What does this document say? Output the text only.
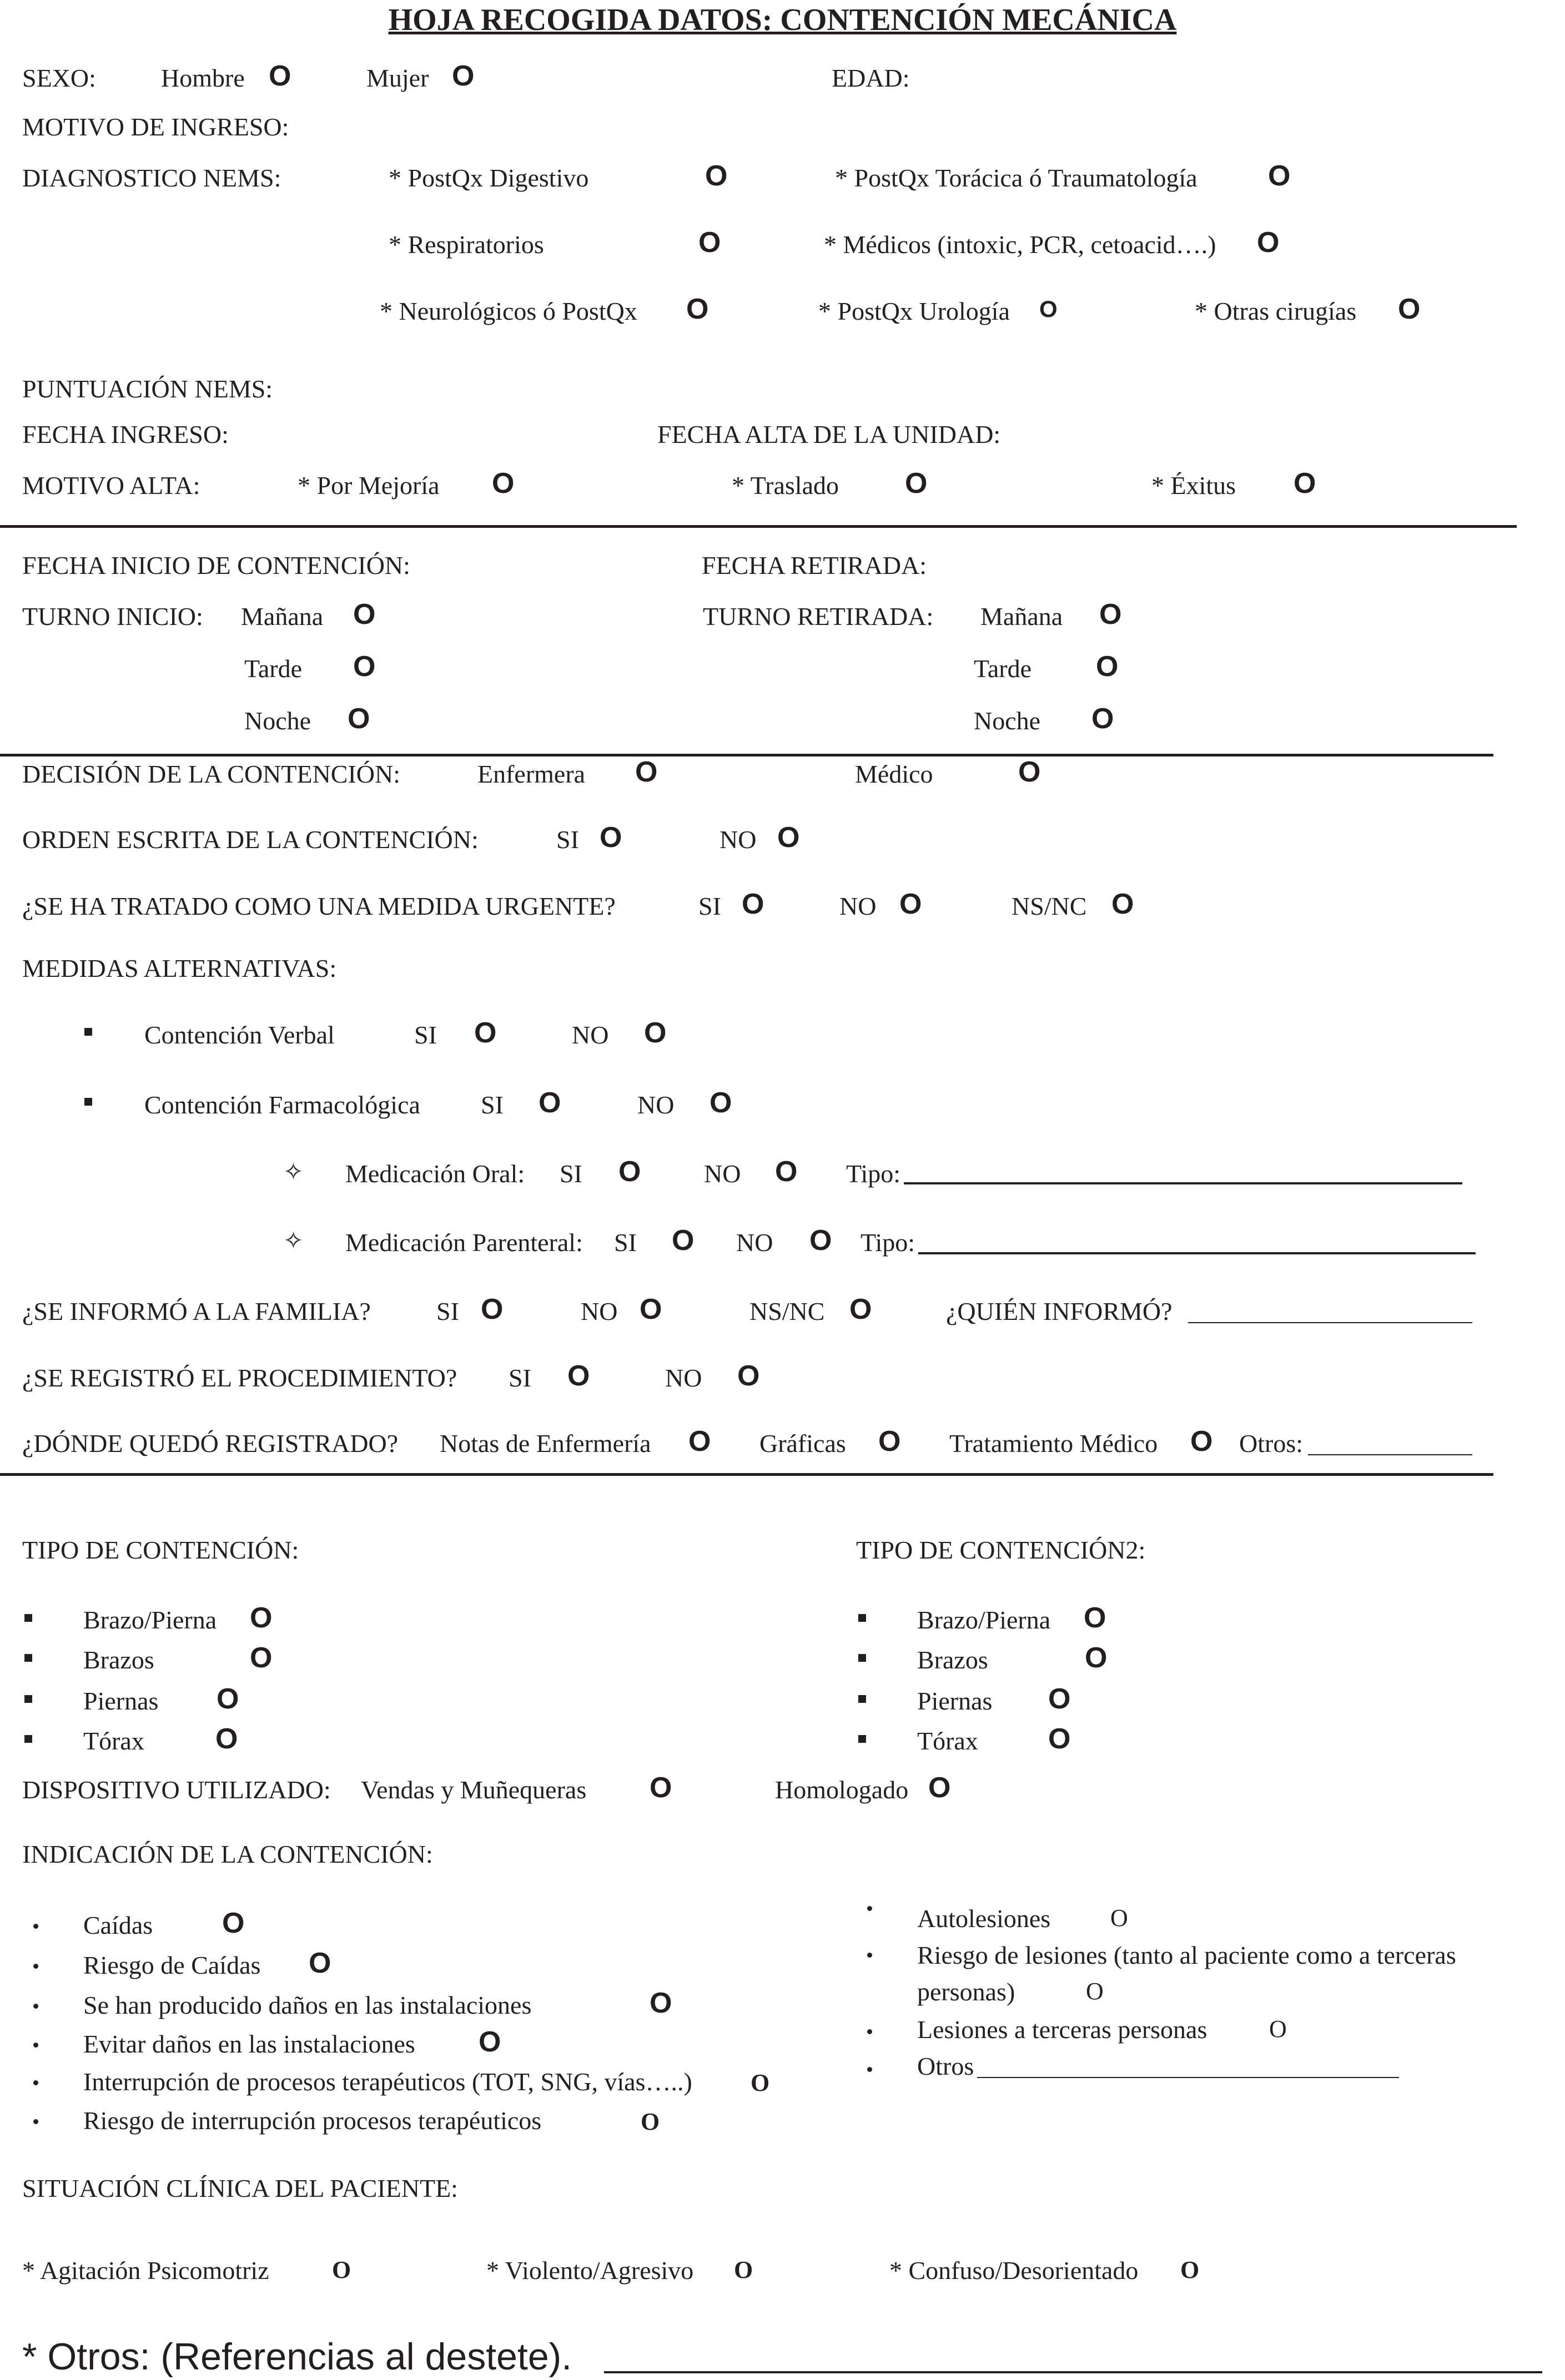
HOJA RECOGIDA DATOS: CONTENCIÓN MECÁNICA
SEXO:	Hombre O	Mujer O	EDAD:
MOTIVO DE INGRESO:
DIAGNOSTICO NEMS:	* PostQx Digestivo	O	* PostQx Torácica ó Traumatología O
* Respiratorios	O	* Médicos (intoxic, PCR, cetoacid….) O
* Neurológicos ó PostQx O	* PostQx Urología O	* Otras cirugías O
PUNTUACIÓN NEMS:
FECHA INGRESO:	FECHA ALTA DE LA UNIDAD:
MOTIVO ALTA:	* Por Mejoría O	* Traslado O	* Éxitus O
FECHA INICIO DE CONTENCIÓN:	FECHA RETIRADA:
TURNO INICIO: Mañana O	TURNO RETIRADA: Mañana O
Tarde O	Tarde O
Noche O	Noche O
DECISIÓN DE LA CONTENCIÓN:	Enfermera O	Médico	O
ORDEN ESCRITA DE LA CONTENCIÓN:	SI O	NO O
¿SE HA TRATADO COMO UNA MEDIDA URGENTE?	SI O	NO O	NS/NC O
MEDIDAS ALTERNATIVAS:
Contención Verbal	SI O	NO O
Contención Farmacológica SI O	NO O
✧ Medicación Oral: SI O NO O Tipo:
✧ Medicación Parenteral: SI O NO O Tipo:
¿SE INFORMÓ A LA FAMILIA?	SI O	NO O	NS/NC O	¿QUIÉN INFORMÓ?
¿SE REGISTRÓ EL PROCEDIMIENTO? SI O	NO O
¿DÓNDE QUEDÓ REGISTRADO? Notas de Enfermería O Gráficas O Tratamiento Médico O Otros:
TIPO DE CONTENCIÓN:	TIPO DE CONTENCIÓN2:
Brazo/Pierna O	Brazo/Pierna O
Brazos	O	Brazos	O
Piernas O	Piernas O
Tórax O	Tórax O
DISPOSITIVO UTILIZADO: Vendas y Muñequeras O	Homologado O
INDICACIÓN DE LA CONTENCIÓN:
Caídas O
Riesgo de Caídas O
Se han producido daños en las instalaciones	O
Evitar daños en las instalaciones O
Interrupción de procesos terapéuticos (TOT, SNG, vías…..) O
Riesgo de interrupción procesos terapéuticos	O
Autolesiones O
Riesgo de lesiones (tanto al paciente como a terceras
personas)	O
Lesiones a terceras personas	O
Otros
SITUACIÓN CLÍNICA DEL PACIENTE:
* Agitación Psicomotriz	O	* Violento/Agresivo O	* Confuso/Desorientado O
* Otros: (Referencias al destete).
